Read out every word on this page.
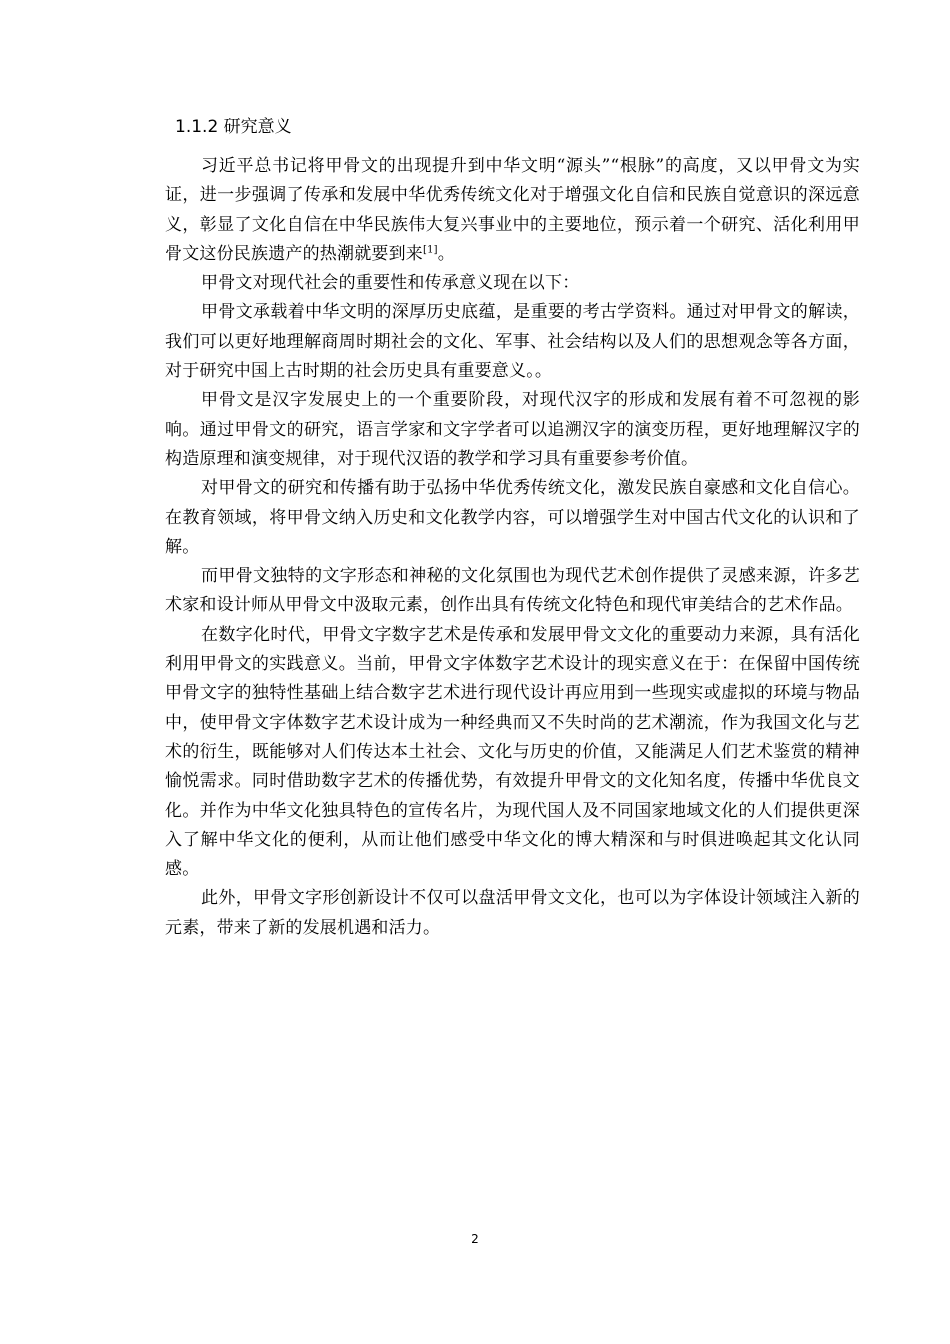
1.1.2 研究意义

习近平总书记将甲骨文的出现提升到中华文明“源头”“根脉”的高度，又以甲骨文为实证，进一步强调了传承和发展中华优秀传统文化对于增强文化自信和民族自觉意识的深远意义，彰显了文化自信在中华民族伟大复兴事业中的主要地位，预示着一个研究、活化利用甲骨文这份民族遗产的热潮就要到来[1]。

甲骨文对现代社会的重要性和传承意义现在以下：

甲骨文承载着中华文明的深厚历史底蕴，是重要的考古学资料。通过对甲骨文的解读，我们可以更好地理解商周时期社会的文化、军事、社会结构以及人们的思想观念等各方面，对于研究中国上古时期的社会历史具有重要意义。。

甲骨文是汉字发展史上的一个重要阶段，对现代汉字的形成和发展有着不可忽视的影响。通过甲骨文的研究，语言学家和文字学者可以追溯汉字的演变历程，更好地理解汉字的构造原理和演变规律，对于现代汉语的教学和学习具有重要参考价值。

对甲骨文的研究和传播有助于弘扬中华优秀传统文化，激发民族自豪感和文化自信心。在教育领域，将甲骨文纳入历史和文化教学内容，可以增强学生对中国古代文化的认识和了解。

而甲骨文独特的文字形态和神秘的文化氛围也为现代艺术创作提供了灵感来源，许多艺术家和设计师从甲骨文中汲取元素，创作出具有传统文化特色和现代审美结合的艺术作品。

在数字化时代，甲骨文字数字艺术是传承和发展甲骨文文化的重要动力来源，具有活化利用甲骨文的实践意义。当前，甲骨文字体数字艺术设计的现实意义在于：在保留中国传统甲骨文字的独特性基础上结合数字艺术进行现代设计再应用到一些现实或虚拟的环境与物品中，使甲骨文字体数字艺术设计成为一种经典而又不失时尚的艺术潮流，作为我国文化与艺术的衍生，既能够对人们传达本土社会、文化与历史的价值，又能满足人们艺术鉴赏的精神愉悦需求。同时借助数字艺术的传播优势，有效提升甲骨文的文化知名度，传播中华优良文化。并作为中华文化独具特色的宣传名片，为现代国人及不同国家地域文化的人们提供更深入了解中华文化的便利，从而让他们感受中华文化的博大精深和与时俱进唤起其文化认同感。

此外，甲骨文字形创新设计不仅可以盘活甲骨文文化，也可以为字体设计领域注入新的元素，带来了新的发展机遇和活力。

2
